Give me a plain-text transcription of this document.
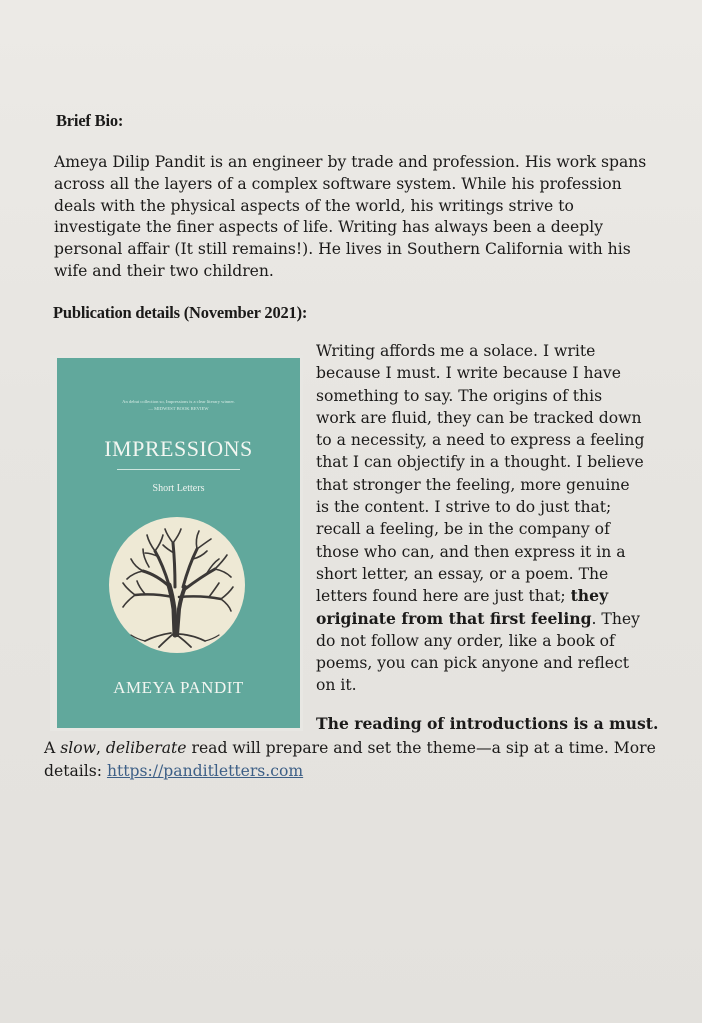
Brief Bio:

Ameya Dilip Pandit is an engineer by trade and profession. His work spans

across all the layers of a complex software system. While his profession

deals with the physical aspects of the world, his writings strive to

investigate the finer aspects of life. Writing has always been a deeply

personal affair (It still remains!). He lives in Southern California with his

wife and their two children.

Publication details (November 2021):
An debut collection so, Impressions is a clear literary winner.
— MIDWEST BOOK REVIEW
IMPRESSIONS
Short Letters
AMEYA PANDIT
Writing affords me a solace. I write
because I must. I write because I have
something to say. The origins of this
work are fluid, they can be tracked down
to a necessity, a need to express a feeling
that I can objectify in a thought. I believe
that stronger the feeling, more genuine
is the content. I strive to do just that;
recall a feeling, be in the company of
those who can, and then express it in a
short letter, an essay, or a poem. The
letters found here are just that; they
originate from that first feeling. They
do not follow any order, like a book of
poems, you can pick anyone and reflect
on it.
The reading of introductions is a must.
A slow, deliberate read will prepare and set the theme—a sip at a time. More
details: https://panditletters.com
